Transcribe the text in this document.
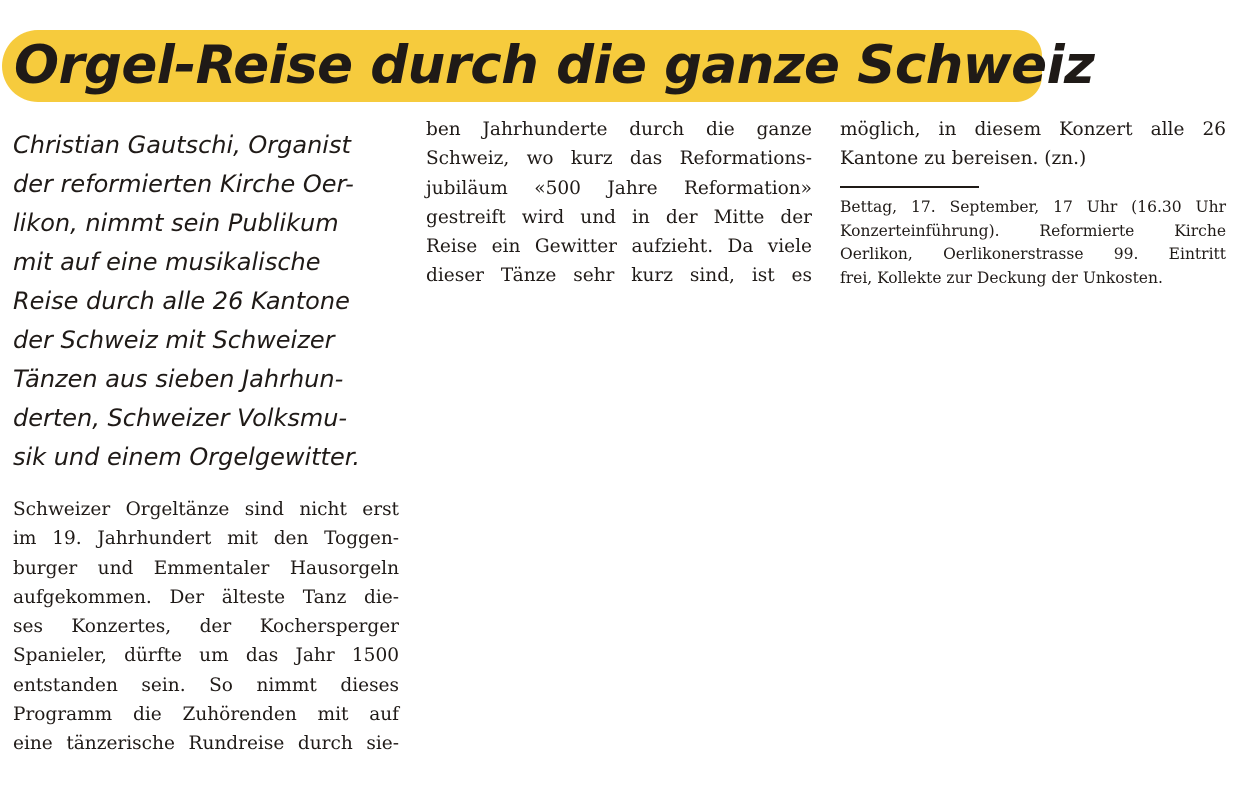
Orgel-Reise durch die ganze Schweiz
Christian Gautschi, Organist
der reformierten Kirche Oer-
likon, nimmt sein Publikum
mit auf eine musikalische
Reise durch alle 26 Kantone
der Schweiz mit Schweizer
Tänzen aus sieben Jahrhun-
derten, Schweizer Volksmu-
sik und einem Orgelgewitter.
Schweizer Orgeltänze sind nicht erst
im 19. Jahrhundert mit den Toggen-
burger und Emmentaler Hausorgeln
aufgekommen. Der älteste Tanz die-
ses Konzertes, der Kochersperger
Spanieler, dürfte um das Jahr 1500
entstanden sein. So nimmt dieses
Programm die Zuhörenden mit auf
eine tänzerische Rundreise durch sie-
ben Jahrhunderte durch die ganze
Schweiz, wo kurz das Reformations-
jubiläum «500 Jahre Reformation»
gestreift wird und in der Mitte der
Reise ein Gewitter aufzieht. Da viele
dieser Tänze sehr kurz sind, ist es
möglich, in diesem Konzert alle 26
Kantone zu bereisen. (zn.)
Bettag, 17. September, 17 Uhr (16.30 Uhr
Konzerteinführung). Reformierte Kirche
Oerlikon, Oerlikonerstrasse 99. Eintritt
frei, Kollekte zur Deckung der Unkosten.
